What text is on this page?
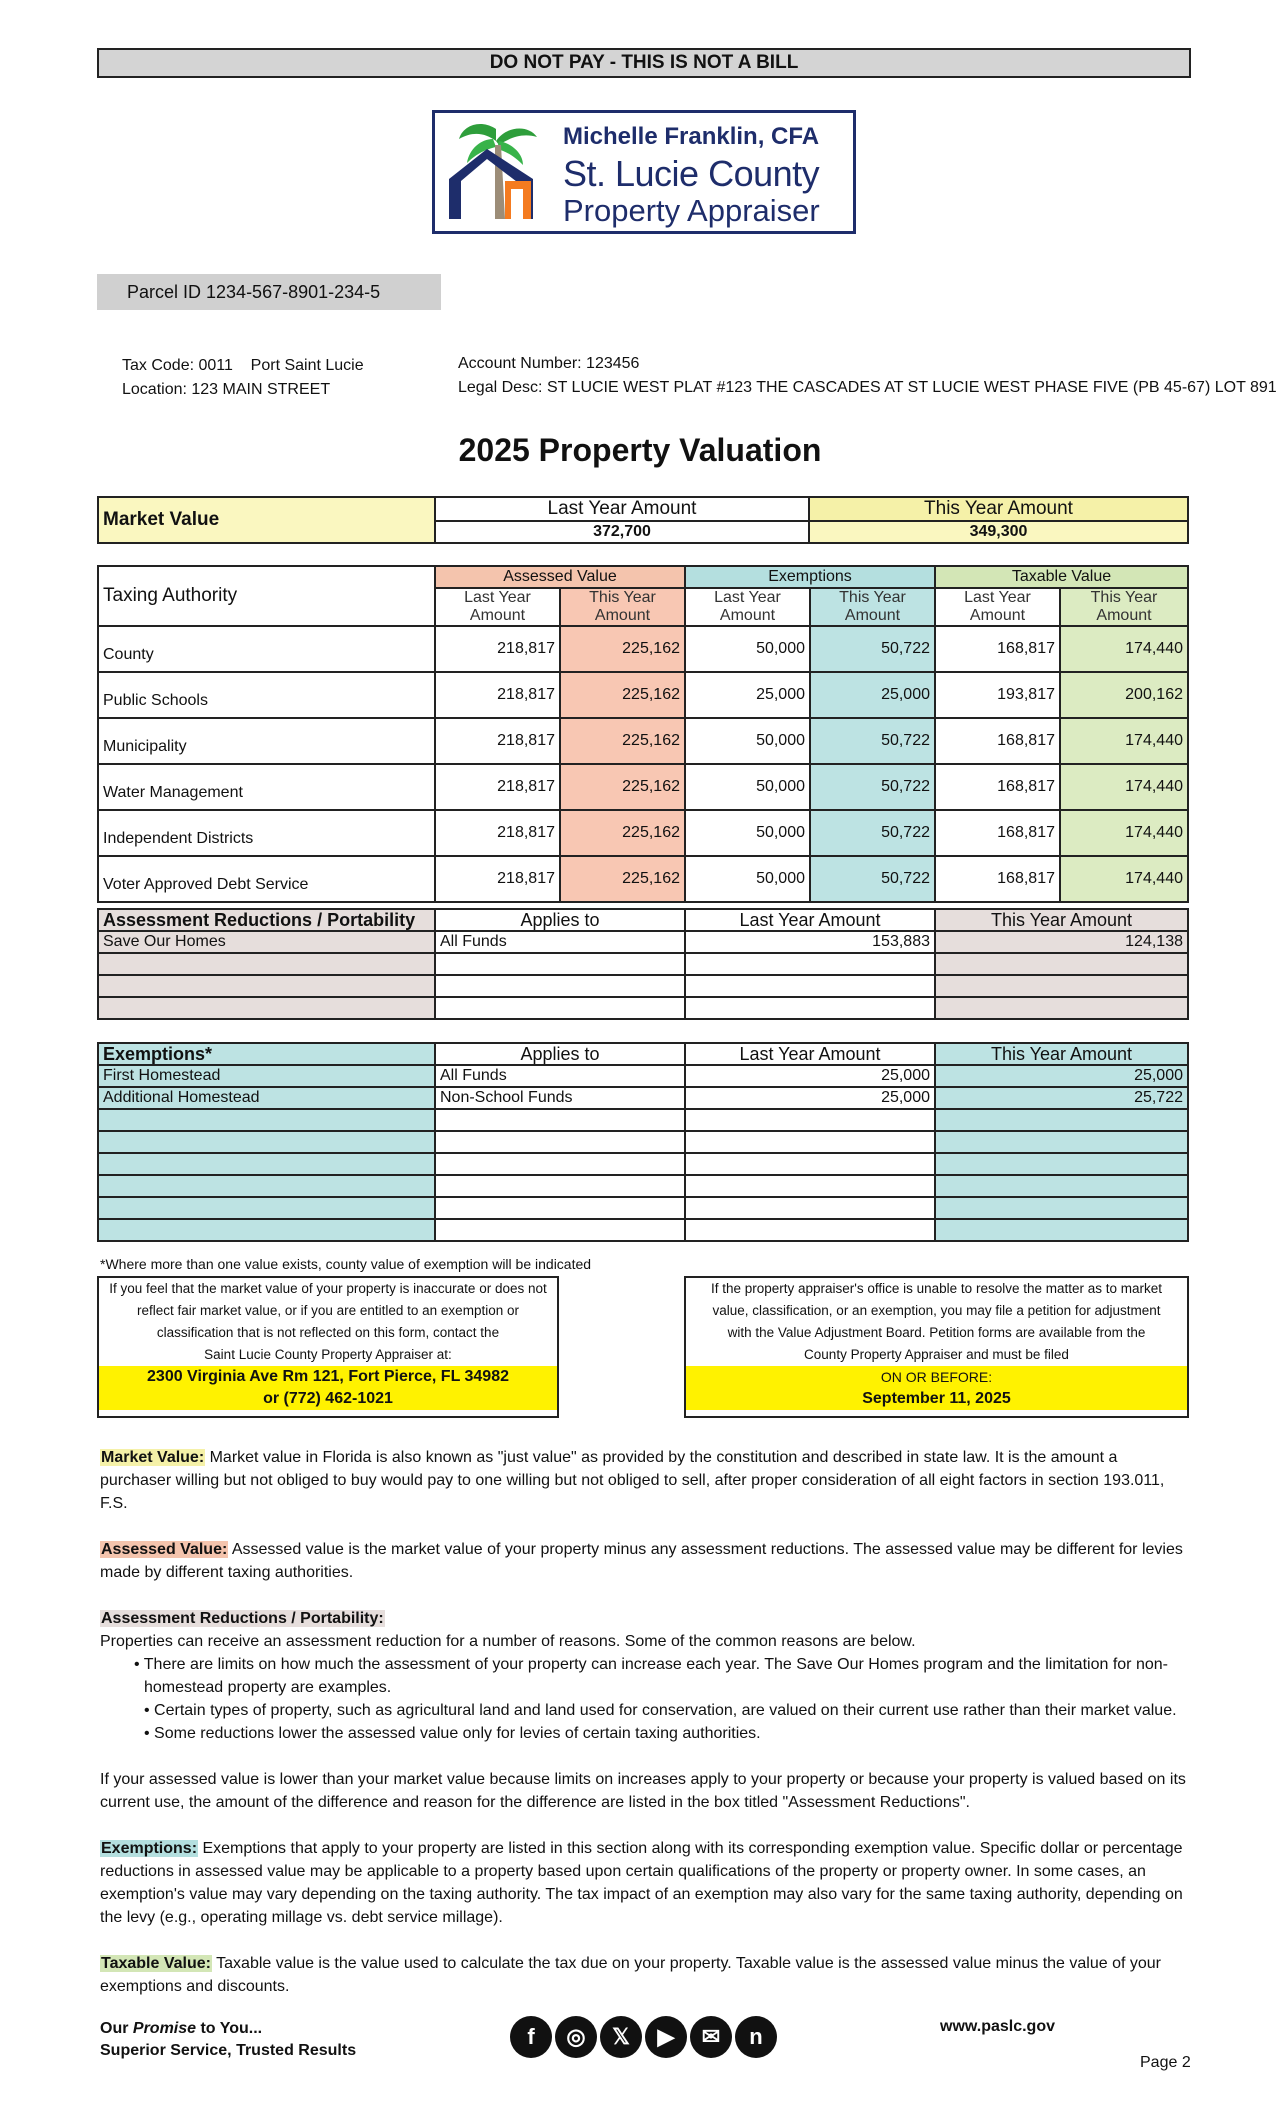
DO NOT PAY - THIS IS NOT A BILL
Michelle Franklin, CFA
St. Lucie County
Property Appraiser
Parcel ID 1234-567-8901-234-5
Tax Code: 0011    Port Saint Lucie
Location: 123 MAIN STREET
Account Number: 123456
Legal Desc: ST LUCIE WEST PLAT #123 THE CASCADES AT ST LUCIE WEST PHASE FIVE (PB 45-67) LOT 891
2025 Property Valuation
Market Value	Last Year Amount	This Year Amount
	372,700	349,300
Taxing Authority	Assessed Value		Exemptions		Taxable Value	
	Last Year Amount	This Year Amount	Last Year Amount	This Year Amount	Last Year Amount	This Year Amount
County	218,817	225,162	50,000	50,722	168,817	174,440
Public Schools	218,817	225,162	25,000	25,000	193,817	200,162
Municipality	218,817	225,162	50,000	50,722	168,817	174,440
Water Management	218,817	225,162	50,000	50,722	168,817	174,440
Independent Districts	218,817	225,162	50,000	50,722	168,817	174,440
Voter Approved Debt Service	218,817	225,162	50,000	50,722	168,817	174,440
Assessment Reductions / Portability	Applies to	Last Year Amount	This Year Amount
Save Our Homes	All Funds	153,883	124,138

Exemptions*	Applies to	Last Year Amount	This Year Amount
First Homestead	All Funds	25,000	25,000
Additional Homestead	Non-School Funds	25,000	25,722

*Where more than one value exists, county value of exemption will be indicated
If you feel that the market value of your property is inaccurate or does not
reflect fair market value, or if you are entitled to an exemption or
classification that is not reflected on this form, contact the
Saint Lucie County Property Appraiser at:
2300 Virginia Ave Rm 121, Fort Pierce, FL 34982
or (772) 462-1021
If the property appraiser's office is unable to resolve the matter as to market
value, classification, or an exemption, you may file a petition for adjustment
with the Value Adjustment Board. Petition forms are available from the
County Property Appraiser and must be filed
ON OR BEFORE:
September 11, 2025

Market Value: Market value in Florida is also known as "just value" as provided by the constitution and described in state law. It is the amount a purchaser willing but not obliged to buy would pay to one willing but not obliged to sell, after proper consideration of all eight factors in section 193.011, F.S.

Assessed Value: Assessed value is the market value of your property minus any assessment reductions. The assessed value may be different for levies made by different taxing authorities.

Assessment Reductions / Portability:
Properties can receive an assessment reduction for a number of reasons. Some of the common reasons are below.
• There are limits on how much the assessment of your property can increase each year. The Save Our Homes program and the limitation for non-homestead property are examples.
• Certain types of property, such as agricultural land and land used for conservation, are valued on their current use rather than their market value.
• Some reductions lower the assessed value only for levies of certain taxing authorities.

If your assessed value is lower than your market value because limits on increases apply to your property or because your property is valued based on its current use, the amount of the difference and reason for the difference are listed in the box titled "Assessment Reductions".

Exemptions: Exemptions that apply to your property are listed in this section along with its corresponding exemption value. Specific dollar or percentage reductions in assessed value may be applicable to a property based upon certain qualifications of the property or property owner. In some cases, an exemption's value may vary depending on the taxing authority. The tax impact of an exemption may also vary for the same taxing authority, depending on the levy (e.g., operating millage vs. debt service millage).

Taxable Value: Taxable value is the value used to calculate the tax due on your property. Taxable value is the assessed value minus the value of your exemptions and discounts.

Our Promise to You...
Superior Service, Trusted Results
f ◎ 𝕏 ▶ ✉ n	www.paslc.gov
Page 2
